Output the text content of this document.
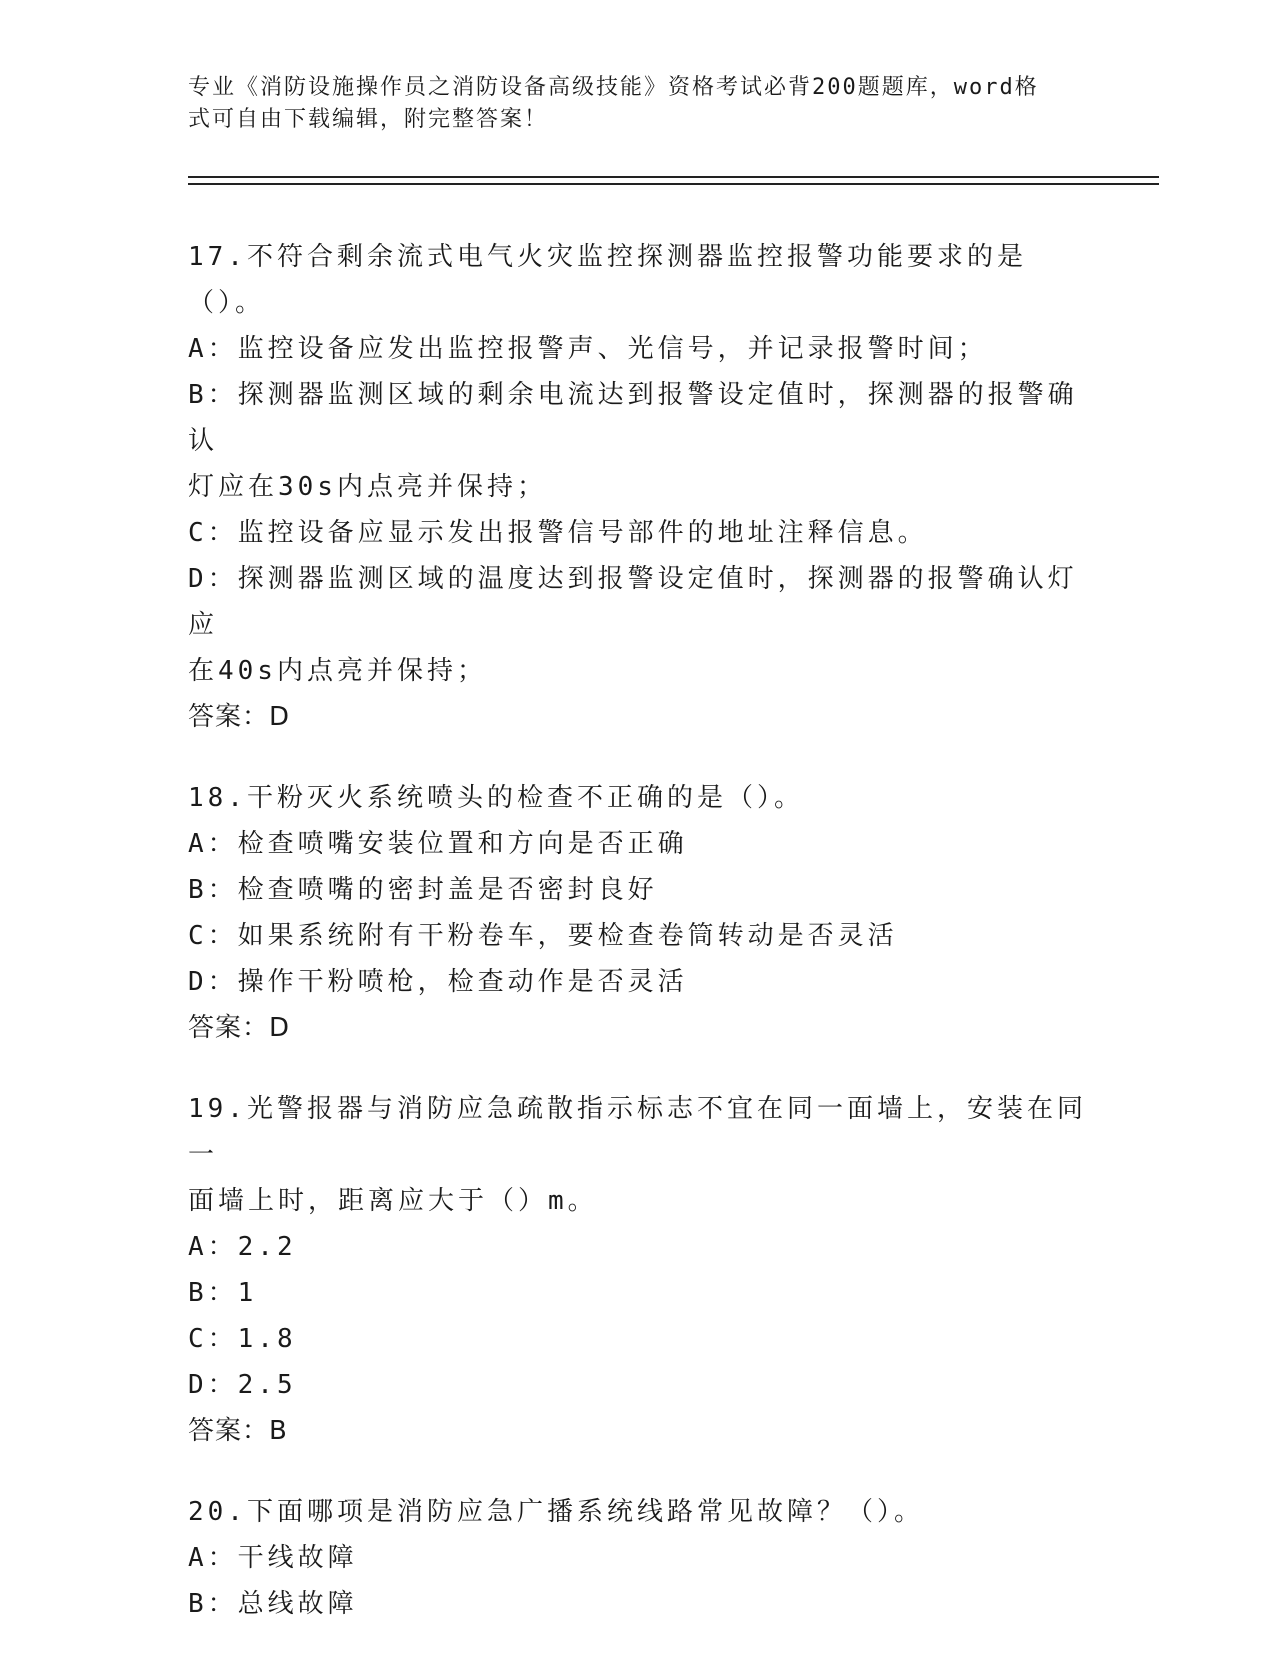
专业《消防设施操作员之消防设备高级技能》资格考试必背200题题库，word格
式可自由下载编辑，附完整答案！
17.不符合剩余流式电气火灾监控探测器监控报警功能要求的是（）。
A：监控设备应发出监控报警声、光信号，并记录报警时间；
B：探测器监测区域的剩余电流达到报警设定值时，探测器的报警确认
灯应在30s内点亮并保持；
C：监控设备应显示发出报警信号部件的地址注释信息。
D：探测器监测区域的温度达到报警设定值时，探测器的报警确认灯应
在40s内点亮并保持；
答案：D
18.干粉灭火系统喷头的检查不正确的是（）。
A：检查喷嘴安装位置和方向是否正确
B：检查喷嘴的密封盖是否密封良好
C：如果系统附有干粉卷车，要检查卷筒转动是否灵活
D：操作干粉喷枪，检查动作是否灵活
答案：D
19.光警报器与消防应急疏散指示标志不宜在同一面墙上，安装在同一
面墙上时，距离应大于（）m。
A：2.2
B：1
C：1.8
D：2.5
答案：B
20.下面哪项是消防应急广播系统线路常见故障？（）。
A：干线故障
B：总线故障
